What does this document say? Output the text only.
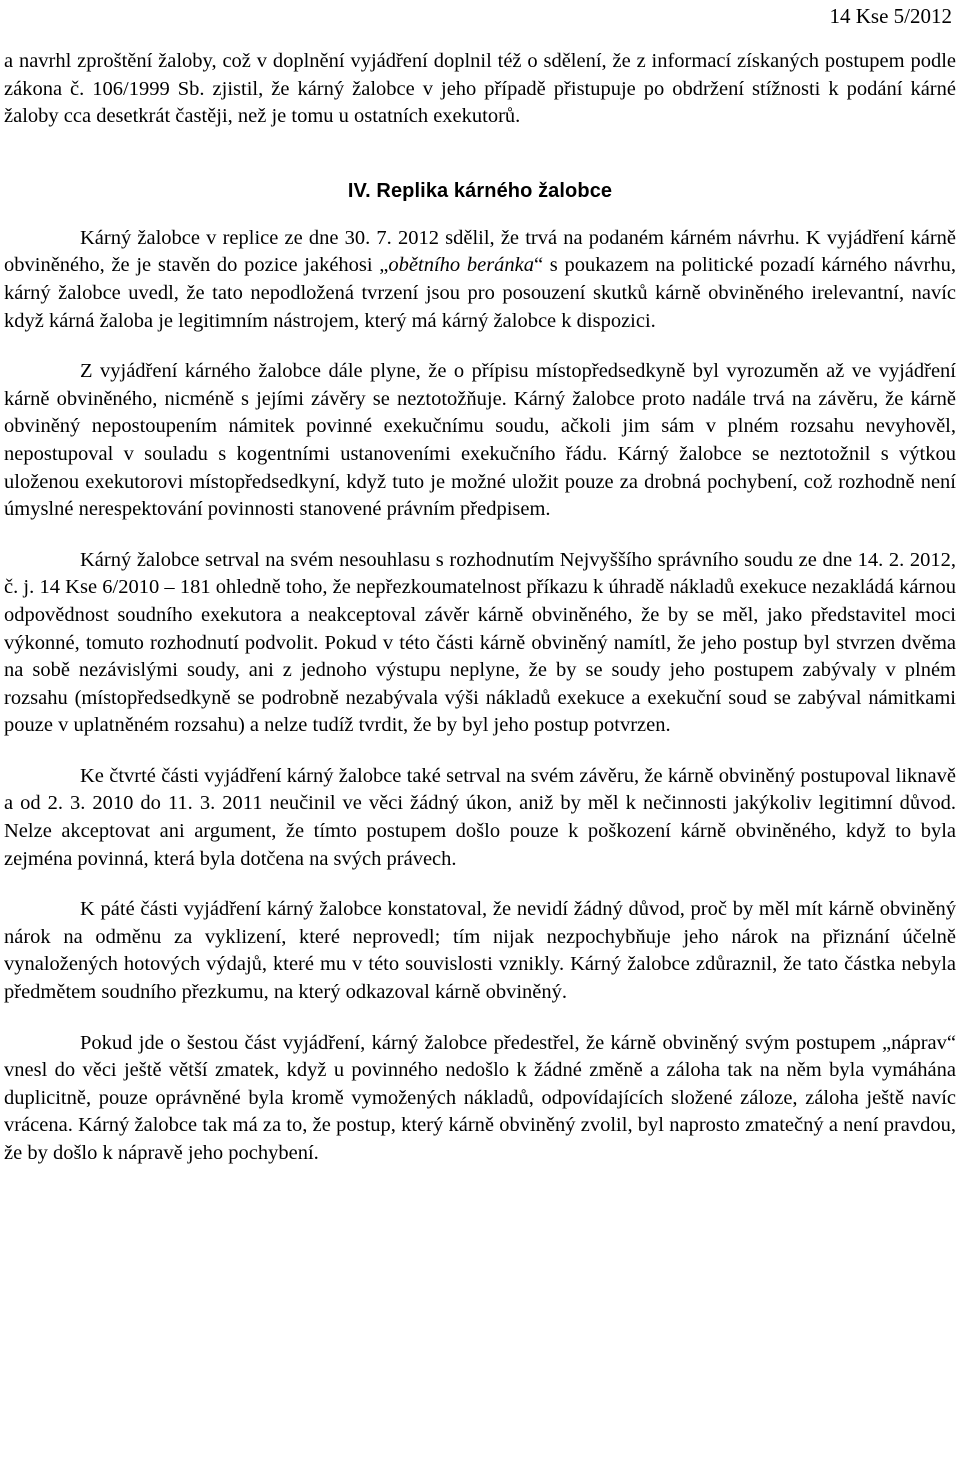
14 Kse 5/2012

a navrhl zproštění žaloby, což v doplnění vyjádření doplnil též o sdělení, že z informací získaných postupem podle zákona č. 106/1999 Sb. zjistil, že kárný žalobce v jeho případě přistupuje po obdržení stížnosti k podání kárné žaloby cca desetkrát častěji, než je tomu u ostatních exekutorů.

IV. Replika kárného žalobce

Kárný žalobce v replice ze dne 30. 7. 2012 sdělil, že trvá na podaném kárném návrhu. K vyjádření kárně obviněného, že je stavěn do pozice jakéhosi „obětního beránka“ s poukazem na politické pozadí kárného návrhu, kárný žalobce uvedl, že tato nepodložená tvrzení jsou pro posouzení skutků kárně obviněného irelevantní, navíc když kárná žaloba je legitimním nástrojem, který má kárný žalobce k dispozici.

Z vyjádření kárného žalobce dále plyne, že o přípisu místopředsedkyně byl vyrozuměn až ve vyjádření kárně obviněného, nicméně s jejími závěry se neztotožňuje. Kárný žalobce proto nadále trvá na závěru, že kárně obviněný nepostoupením námitek povinné exekučnímu soudu, ačkoli jim sám v plném rozsahu nevyhověl, nepostupoval v souladu s kogentními ustanoveními exekučního řádu. Kárný žalobce se neztotožnil s výtkou uloženou exekutorovi místopředsedkyní, když tuto je možné uložit pouze za drobná pochybení, což rozhodně není úmyslné nerespektování povinnosti stanovené právním předpisem.

Kárný žalobce setrval na svém nesouhlasu s rozhodnutím Nejvyššího správního soudu ze dne 14. 2. 2012, č. j. 14 Kse 6/2010 – 181 ohledně toho, že nepřezkoumatelnost příkazu k úhradě nákladů exekuce nezakládá kárnou odpovědnost soudního exekutora a neakceptoval závěr kárně obviněného, že by se měl, jako představitel moci výkonné, tomuto rozhodnutí podvolit. Pokud v této části kárně obviněný namítl, že jeho postup byl stvrzen dvěma na sobě nezávislými soudy, ani z jednoho výstupu neplyne, že by se soudy jeho postupem zabývaly v plném rozsahu (místopředsedkyně se podrobně nezabývala výši nákladů exekuce a exekuční soud se zabýval námitkami pouze v uplatněném rozsahu) a nelze tudíž tvrdit, že by byl jeho postup potvrzen.

Ke čtvrté části vyjádření kárný žalobce také setrval na svém závěru, že kárně obviněný postupoval liknavě a od 2. 3. 2010 do 11. 3. 2011 neučinil ve věci žádný úkon, aniž by měl k nečinnosti jakýkoliv legitimní důvod. Nelze akceptovat ani argument, že tímto postupem došlo pouze k poškození kárně obviněného, když to byla zejména povinná, která byla dotčena na svých právech.

K páté části vyjádření kárný žalobce konstatoval, že nevidí žádný důvod, proč by měl mít kárně obviněný nárok na odměnu za vyklizení, které neprovedl; tím nijak nezpochybňuje jeho nárok na přiznání účelně vynaložených hotových výdajů, které mu v této souvislosti vznikly. Kárný žalobce zdůraznil, že tato částka nebyla předmětem soudního přezkumu, na který odkazoval kárně obviněný.

Pokud jde o šestou část vyjádření, kárný žalobce předestřel, že kárně obviněný svým postupem „náprav“ vnesl do věci ještě větší zmatek, když u povinného nedošlo k žádné změně a záloha tak na něm byla vymáhána duplicitně, pouze oprávněné byla kromě vymožených nákladů, odpovídajících složené záloze, záloha ještě navíc vrácena. Kárný žalobce tak má za to, že postup, který kárně obviněný zvolil, byl naprosto zmatečný a není pravdou, že by došlo k nápravě jeho pochybení.
